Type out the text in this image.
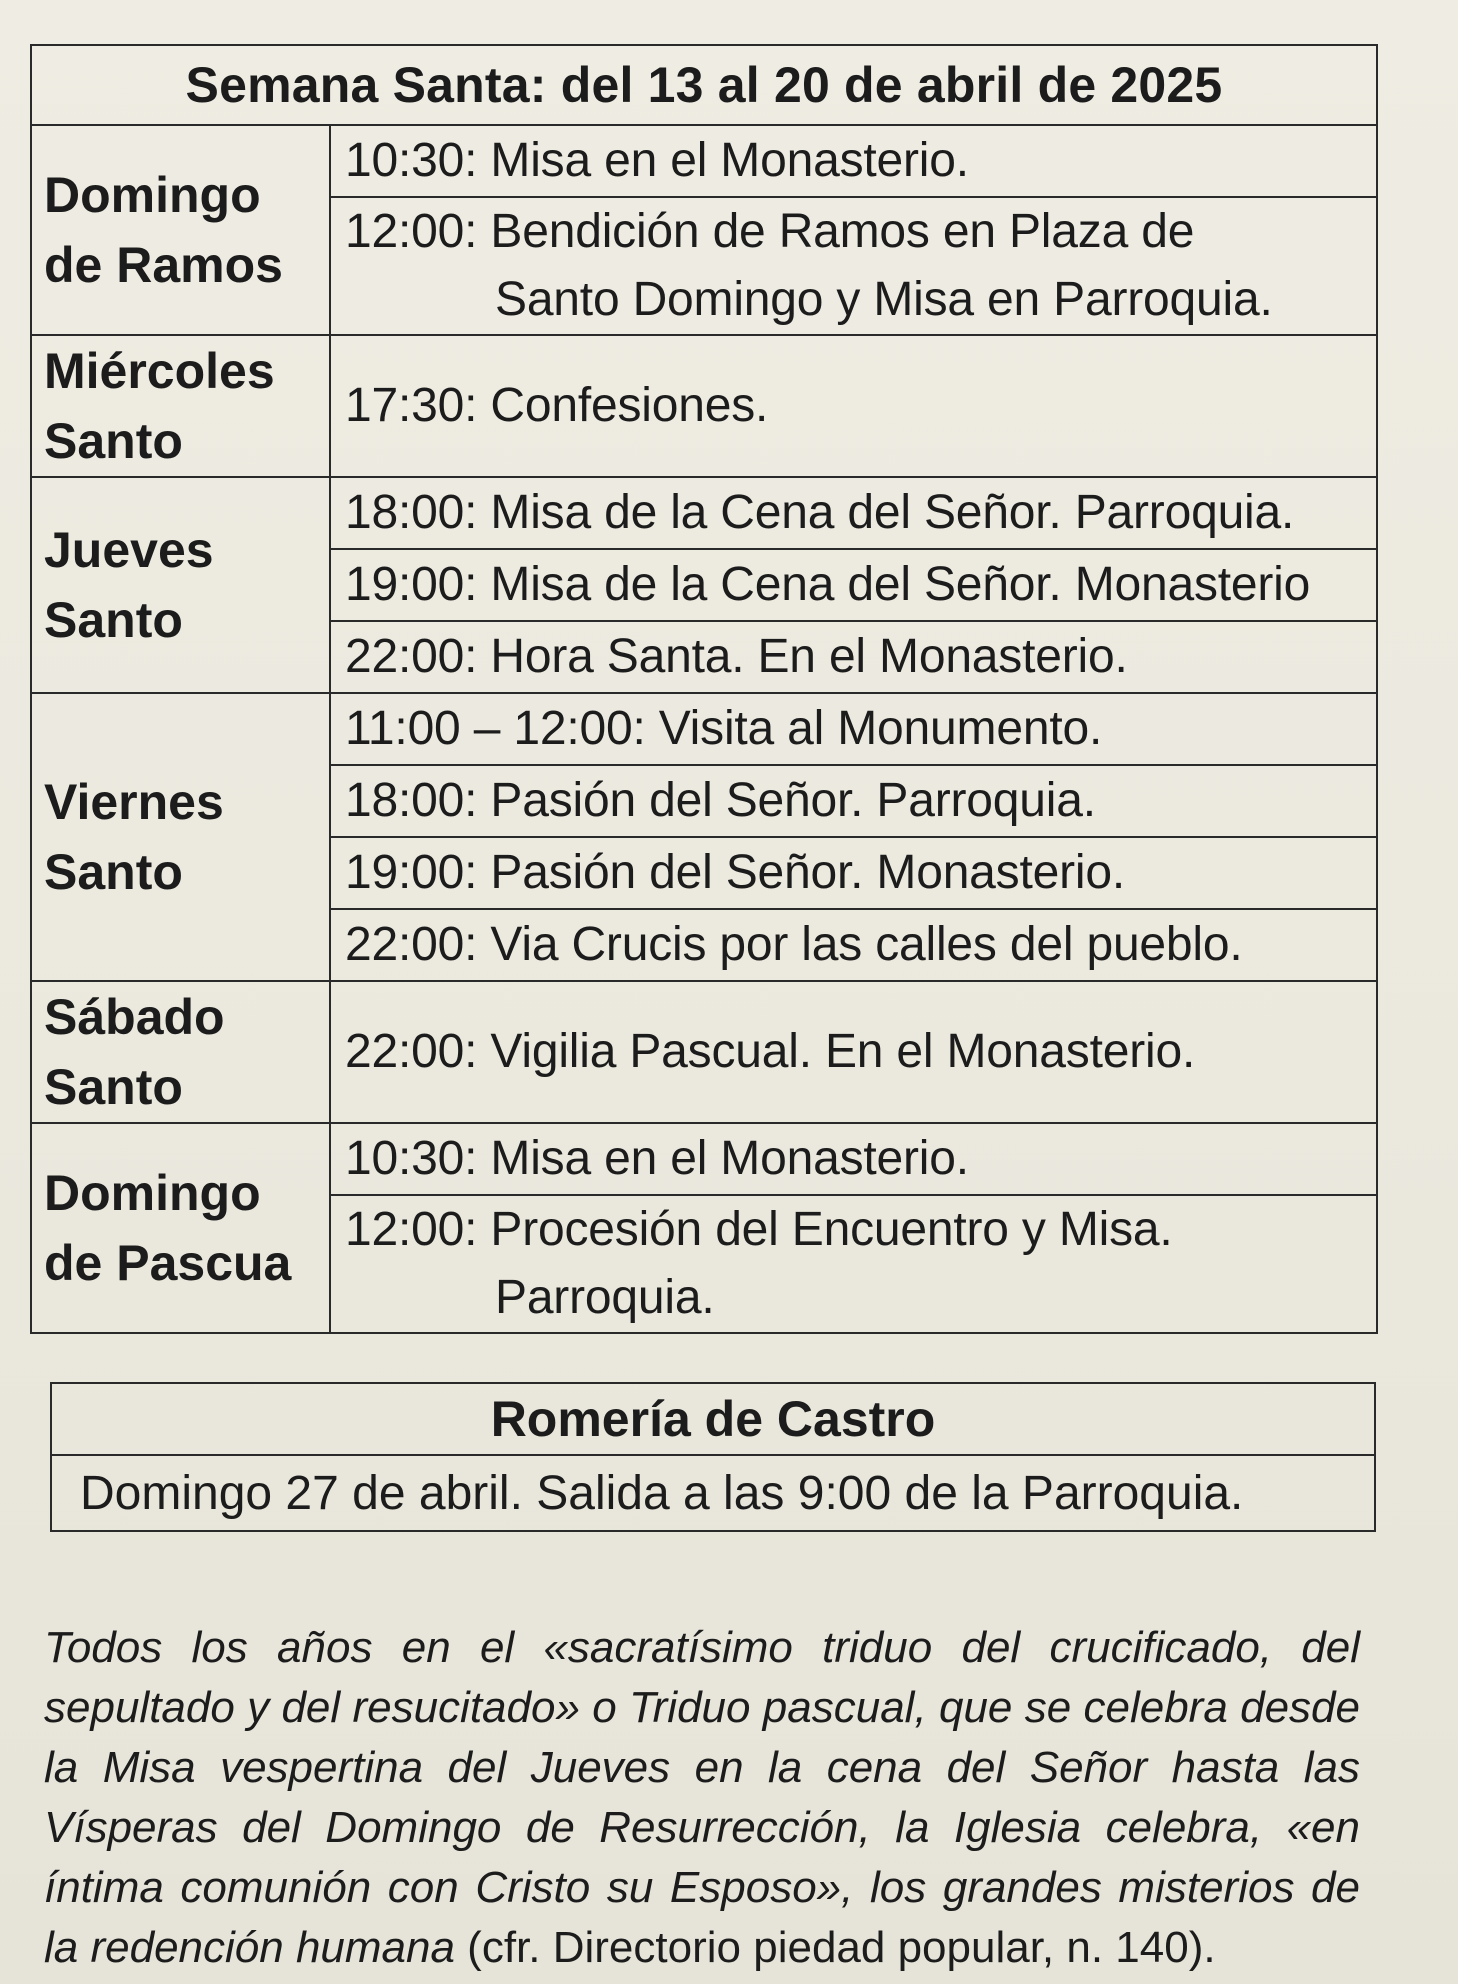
Semana Santa: del 13 al 20 de abril de 2025	

Domingo
de Ramos	10:30: Misa en el Monasterio.
	12:00: Bendición de Ramos en Plaza de
Santo Domingo y Misa en Parroquia.

Miércoles
Santo	17:30: Confesiones.

Jueves
Santo	18:00: Misa de la Cena del Señor. Parroquia.
	19:00: Misa de la Cena del Señor. Monasterio
	22:00: Hora Santa. En el Monasterio.

Viernes
Santo	11:00 – 12:00: Visita al Monumento.
	18:00: Pasión del Señor. Parroquia.
	19:00: Pasión del Señor. Monasterio.
	22:00: Via Crucis por las calles del pueblo.

Sábado
Santo	22:00: Vigilia Pascual. En el Monasterio.

Domingo
de Pascua	10:30: Misa en el Monasterio.
	12:00: Procesión del Encuentro y Misa.
Parroquia.
Romería de Castro
Domingo 27 de abril. Salida a las 9:00 de la Parroquia.
Todos los años en el «sacratísimo triduo del crucificado, del sepultado y del resucitado» o Triduo pascual, que se celebra desde la Misa vespertina del Jueves en la cena del Señor hasta las Vísperas del Domingo de Resurrección, la Iglesia celebra, «en íntima comunión con Cristo su Esposo», los grandes misterios de la redención humana (cfr. Directorio piedad popular, n. 140).
